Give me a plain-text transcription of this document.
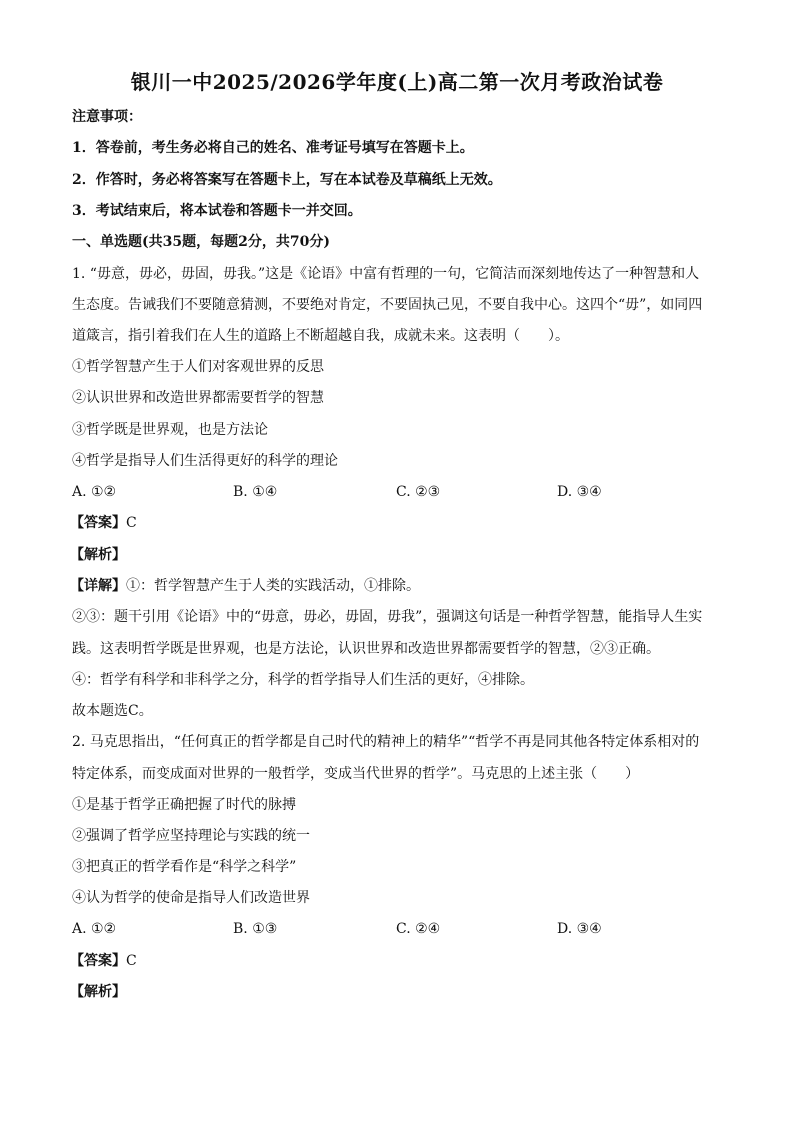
银川一中2025/2026学年度(上)高二第一次月考政治试卷
注意事项：
1．答卷前，考生务必将自己的姓名、准考证号填写在答题卡上。
2．作答时，务必将答案写在答题卡上，写在本试卷及草稿纸上无效。
3．考试结束后，将本试卷和答题卡一并交回。
一、单选题(共35题，每题2分，共70分)
1. “毋意，毋必，毋固，毋我。”这是《论语》中富有哲理的一句，它简洁而深刻地传达了一种智慧和人
生态度。告诫我们不要随意猜测，不要绝对肯定，不要固执己见，不要自我中心。这四个“毋”，如同四
道箴言，指引着我们在人生的道路上不断超越自我，成就未来。这表明（　　）。
①哲学智慧产生于人们对客观世界的反思
②认识世界和改造世界都需要哲学的智慧
③哲学既是世界观，也是方法论
④哲学是指导人们生活得更好的科学的理论
A. ①②	B. ①④	C. ②③	D. ③④
【答案】C
【解析】
【详解】①：哲学智慧产生于人类的实践活动，①排除。
②③：题干引用《论语》中的“毋意，毋必，毋固，毋我”，强调这句话是一种哲学智慧，能指导人生实
践。这表明哲学既是世界观，也是方法论，认识世界和改造世界都需要哲学的智慧，②③正确。
④：哲学有科学和非科学之分，科学的哲学指导人们生活的更好，④排除。
故本题选C。
2. 马克思指出，“任何真正的哲学都是自己时代的精神上的精华”“哲学不再是同其他各特定体系相对的
特定体系，而变成面对世界的一般哲学，变成当代世界的哲学”。马克思的上述主张（　　）
①是基于哲学正确把握了时代的脉搏
②强调了哲学应坚持理论与实践的统一
③把真正的哲学看作是“科学之科学”
④认为哲学的使命是指导人们改造世界
A. ①②	B. ①③	C. ②④	D. ③④
【答案】C
【解析】
